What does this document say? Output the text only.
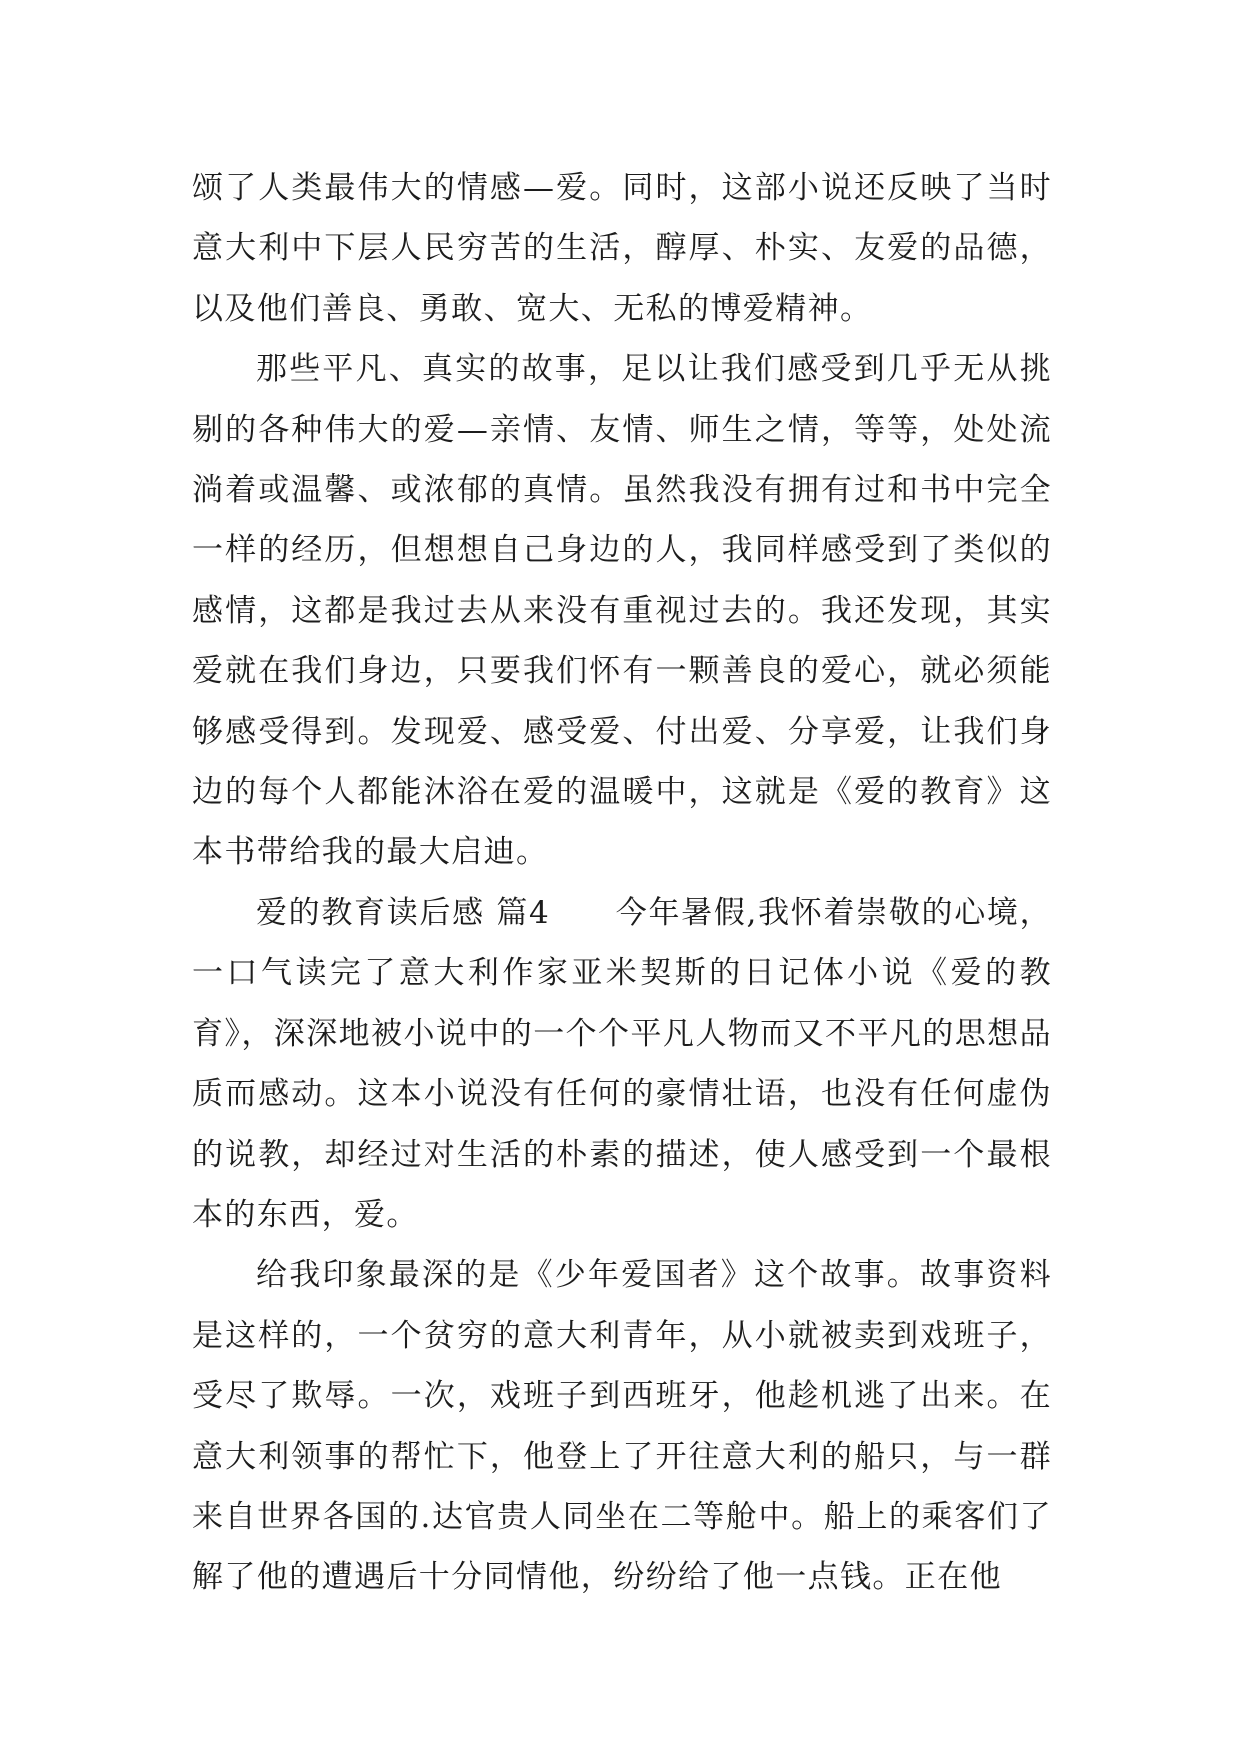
颂了人类最伟大的情感—爱。同时，这部小说还反映了当时意大利中下层人民穷苦的生活，醇厚、朴实、友爱的品德，以及他们善良、勇敢、宽大、无私的博爱精神。

那些平凡、真实的故事，足以让我们感受到几乎无从挑剔的各种伟大的爱—亲情、友情、师生之情，等等，处处流淌着或温馨、或浓郁的真情。虽然我没有拥有过和书中完全一样的经历，但想想自己身边的人，我同样感受到了类似的感情，这都是我过去从来没有重视过去的。我还发现，其实爱就在我们身边，只要我们怀有一颗善良的爱心，就必须能够感受得到。发现爱、感受爱、付出爱、分享爱，让我们身边的每个人都能沐浴在爱的温暖中，这就是《爱的教育》这本书带给我的最大启迪。

爱的教育读后感 篇4　　今年暑假,我怀着崇敬的心境，一口气读完了意大利作家亚米契斯的日记体小说《爱的教育》，深深地被小说中的一个个平凡人物而又不平凡的思想品质而感动。这本小说没有任何的豪情壮语，也没有任何虚伪的说教，却经过对生活的朴素的描述，使人感受到一个最根本的东西，爱。

给我印象最深的是《少年爱国者》这个故事。故事资料是这样的，一个贫穷的意大利青年，从小就被卖到戏班子，受尽了欺辱。一次，戏班子到西班牙，他趁机逃了出来。在意大利领事的帮忙下，他登上了开往意大利的船只，与一群来自世界各国的.达官贵人同坐在二等舱中。船上的乘客们了解了他的遭遇后十分同情他，纷纷给了他一点钱。正在他
